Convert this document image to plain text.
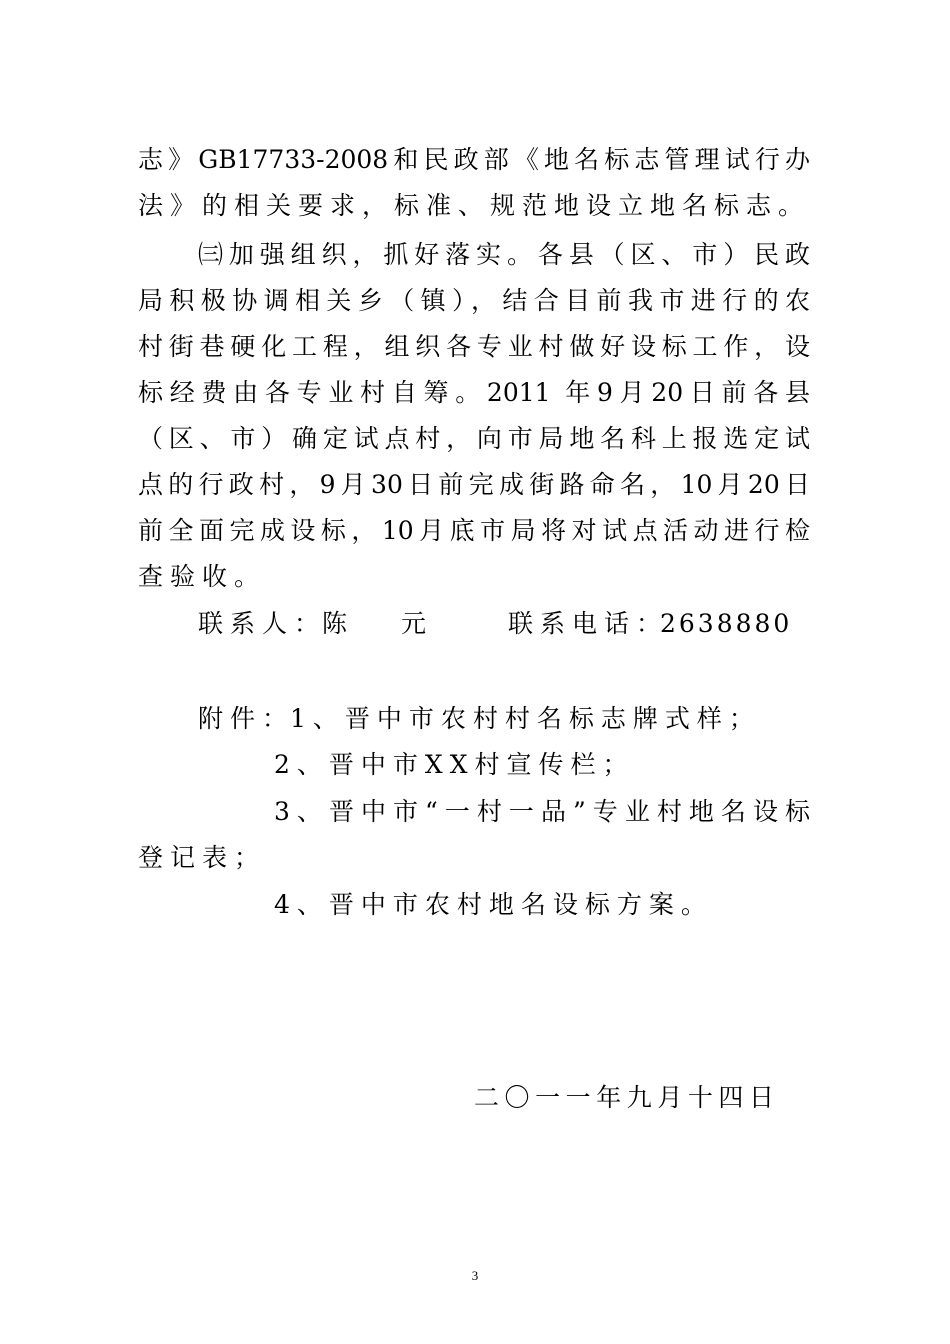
志》GB17733-2008和民政部《地名标志管理试行办
法》的相关要求，标准、规范地设立地名标志。
㈢加强组织，抓好落实。各县（区、市）民政
局积极协调相关乡（镇），结合目前我市进行的农
村街巷硬化工程，组织各专业村做好设标工作，设
标经费由各专业村自筹。2011 年9月20日前各县
（区、市）确定试点村，向市局地名科上报选定试
点的行政村，9月30日前完成街路命名，10月20日
前全面完成设标，10月底市局将对试点活动进行检
查验收。
联系人：
陈　 元	联系电话：
2638880
附件：
1、晋中市农村村名标志牌式样；
2、晋中市XX村宣传栏；
3、晋中市“一村一品”专业村地名设标
登记表；
4、晋中市农村地名设标方案。
二〇一一年九月十四日
3
